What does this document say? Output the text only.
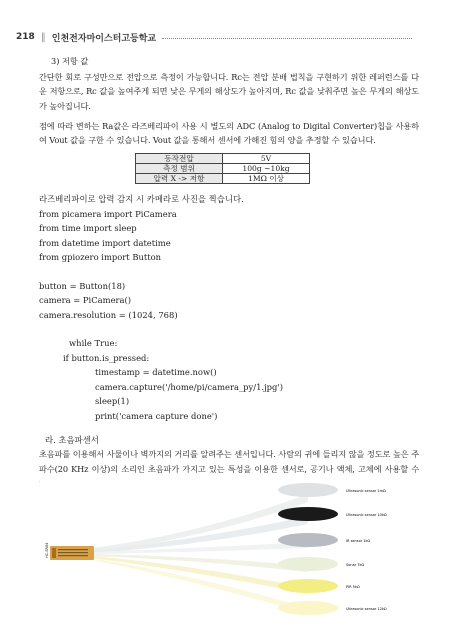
218 ‖ 인천전자마이스터고등학교
3) 저항 값

간단한 회로 구성만으로 전압으로 측정이 가능합니다. Rc는 전압 분배 법칙을 구현하기 위한 레퍼런스를 다운 저항으로, Rc 값을 높여주게 되면 낮은 무게의 해상도가 높아지며, Rc 값을 낮춰주면 높은 무게의 해상도가 높아집니다.

점에 따라 변하는 Ra값은 라즈베리파이 사용 시 별도의 ADC (Analog to Digital Converter)칩을 사용하여 Vout 값을 구한 수 있습니다. Vout 값을 통해서 센서에 가해진 힘의 양을 추정할 수 있습니다.

동작전압	5V
측정 범위	100g ~10kg
압력 X -> 저항	1MΩ 이상
라즈베리파이로 압력 감지 시 카메라로 사진을 찍습니다.
from picamera import PiCamera
from time import sleep
from datetime import datetime
from gpiozero import Button
button = Button(18)
camera = PiCamera()
camera.resolution = (1024, 768)
while True:
if button.is_pressed:
timestamp = datetime.now()
camera.capture('/home/pi/camera_py/1.jpg')
sleep(1)
print('camera capture done')
라. 초음파센서

초음파를 이용해서 사물이나 벽까지의 거리를 알려주는 센서입니다. 사람의 귀에 들리지 않을 정도로 높은 주파수(20 KHz 이상)의 소리인 초음파가 가지고 있는 특성을 이용한 센서로, 공기나 액체, 고체에 사용할 수

HC-SR04
Ultrasonic sensor 1mΩ
Ultrasonic sensor 10kΩ
IR sensor 1kΩ
Sonar 7kΩ
PIR 5kΩ
Ultrasonic sensor 12kΩ
